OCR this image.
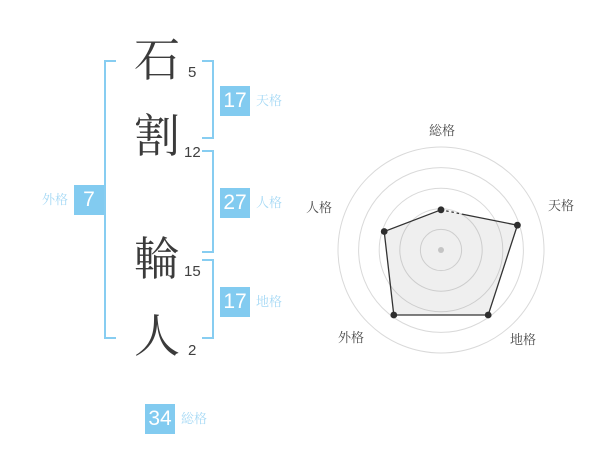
石
割
輪
人
5
12
15
2
17 天格
27 人格
17 地格
外格 7
34 総格
総格
天格
地格
外格
人格
